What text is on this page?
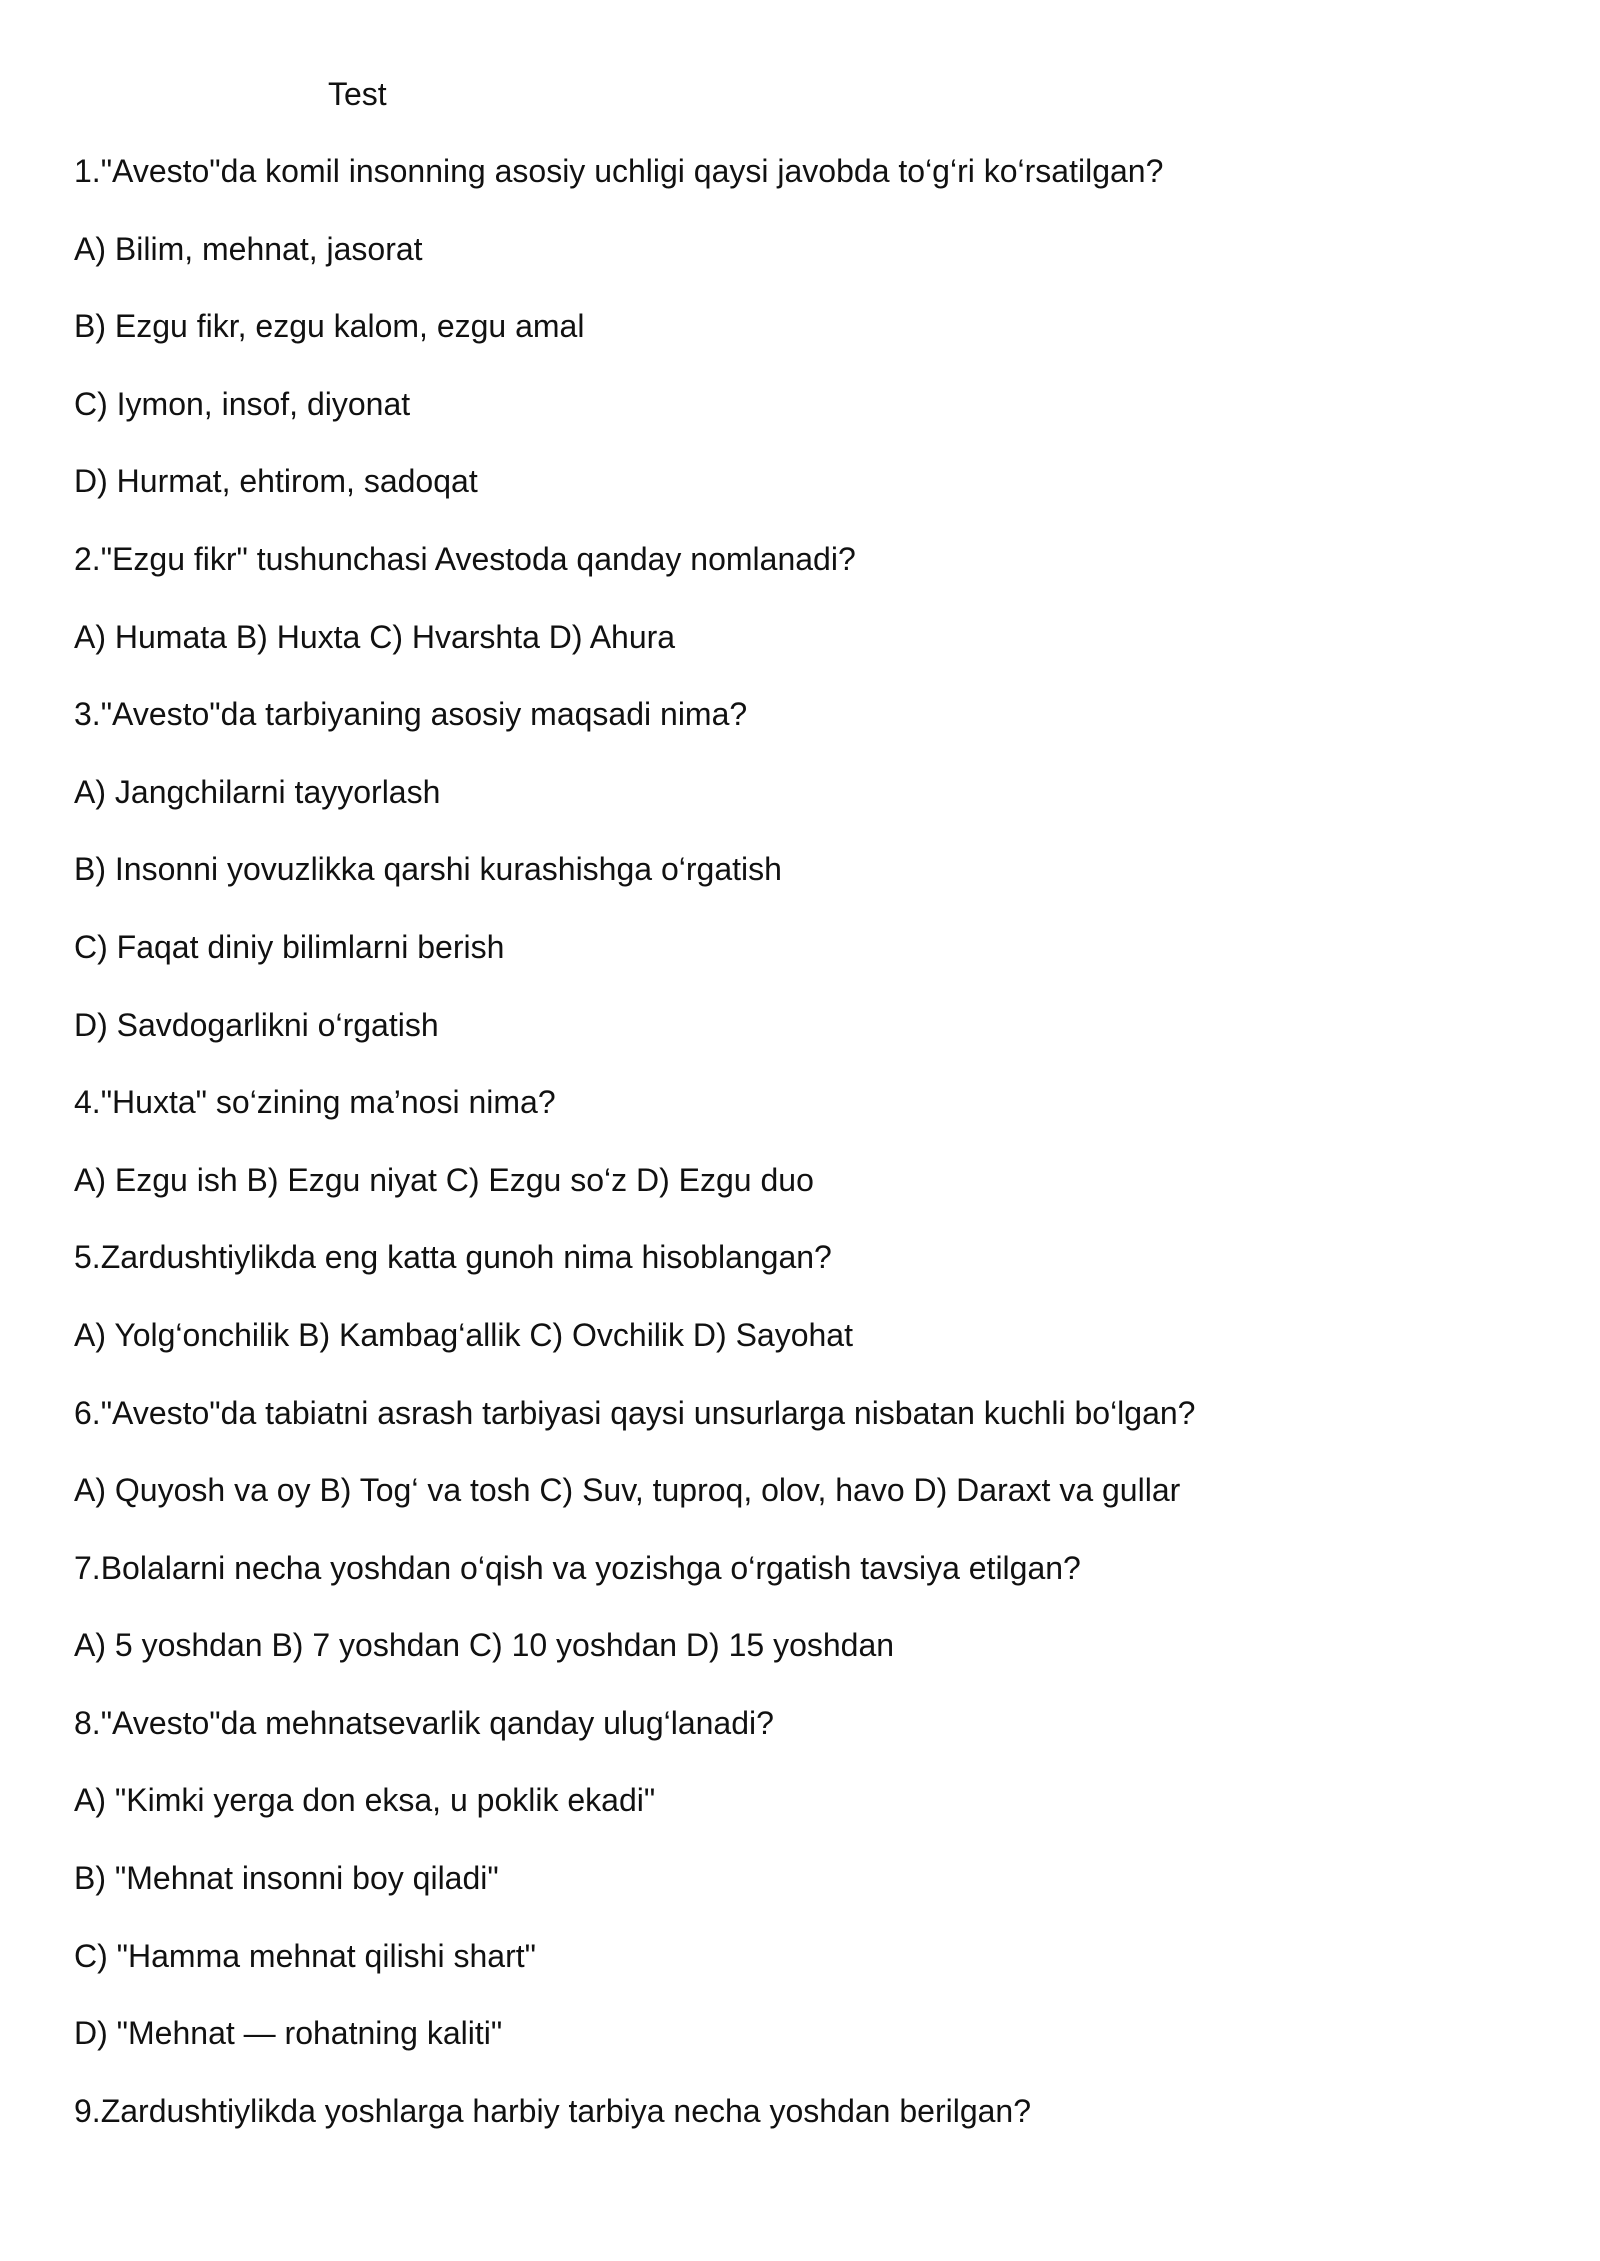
Test
1."Avesto"da komil insonning asosiy uchligi qaysi javobda to‘g‘ri ko‘rsatilgan?
A) Bilim, mehnat, jasorat
B) Ezgu fikr, ezgu kalom, ezgu amal
C) Iymon, insof, diyonat
D) Hurmat, ehtirom, sadoqat
2."Ezgu fikr" tushunchasi Avestoda qanday nomlanadi?
A) Humata B) Huxta C) Hvarshta D) Ahura
3."Avesto"da tarbiyaning asosiy maqsadi nima?
A) Jangchilarni tayyorlash
B) Insonni yovuzlikka qarshi kurashishga o‘rgatish
C) Faqat diniy bilimlarni berish
D) Savdogarlikni o‘rgatish
4."Huxta" so‘zining ma’nosi nima?
A) Ezgu ish B) Ezgu niyat C) Ezgu so‘z D) Ezgu duo
5.Zardushtiylikda eng katta gunoh nima hisoblangan?
A) Yolg‘onchilik B) Kambag‘allik C) Ovchilik D) Sayohat
6."Avesto"da tabiatni asrash tarbiyasi qaysi unsurlarga nisbatan kuchli bo‘lgan?
A) Quyosh va oy B) Tog‘ va tosh C) Suv, tuproq, olov, havo D) Daraxt va gullar
7.Bolalarni necha yoshdan o‘qish va yozishga o‘rgatish tavsiya etilgan?
A) 5 yoshdan B) 7 yoshdan C) 10 yoshdan D) 15 yoshdan
8."Avesto"da mehnatsevarlik qanday ulug‘lanadi?
A) "Kimki yerga don eksa, u poklik ekadi"
B) "Mehnat insonni boy qiladi"
C) "Hamma mehnat qilishi shart"
D) "Mehnat — rohatning kaliti"
9.Zardushtiylikda yoshlarga harbiy tarbiya necha yoshdan berilgan?
